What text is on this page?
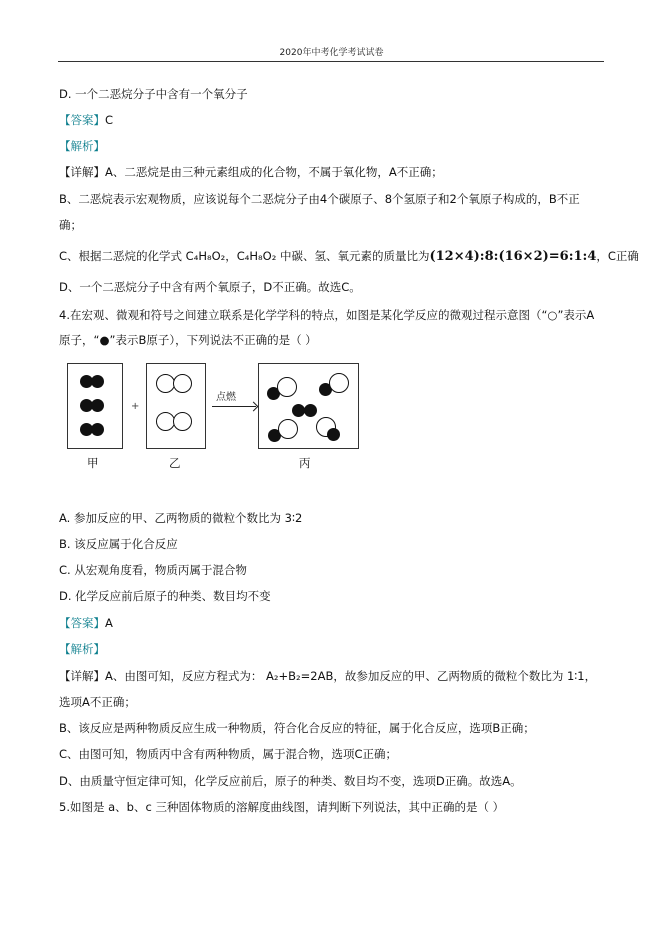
2020年中考化学考试试卷
D. 一个二恶烷分子中含有一个氧分子
【答案】C
【解析】
【详解】A、二恶烷是由三种元素组成的化合物，不属于氧化物，A不正确；
B、二恶烷表示宏观物质，应该说每个二恶烷分子由4个碳原子、8个氢原子和2个氧原子构成的，B不正
确；
C、根据二恶烷的化学式 C₄H₈O₂，C₄H₈O₂ 中碳、氢、氧元素的质量比为(12×4):8:(16×2)=6:1:4，C正确
D、一个二恶烷分子中含有两个氧原子，D不正确。故选C。
4.在宏观、微观和符号之间建立联系是化学学科的特点，如图是某化学反应的微观过程示意图（“○”表示A
原子，“●”表示B原子），下列说法不正确的是（ ）
+
点燃
甲	乙	丙
A. 参加反应的甲、乙两物质的微粒个数比为 3∶2
B. 该反应属于化合反应
C. 从宏观角度看，物质丙属于混合物
D. 化学反应前后原子的种类、数目均不变
【答案】A
【解析】
【详解】A、由图可知，反应方程式为： A₂+B₂=2AB，故参加反应的甲、乙两物质的微粒个数比为 1∶1，
选项A不正确；
B、该反应是两种物质反应生成一种物质，符合化合反应的特征，属于化合反应，选项B正确；
C、由图可知，物质丙中含有两种物质，属于混合物，选项C正确；
D、由质量守恒定律可知，化学反应前后，原子的种类、数目均不变，选项D正确。故选A。
5.如图是 a、b、c 三种固体物质的溶解度曲线图，请判断下列说法，其中正确的是（ ）
